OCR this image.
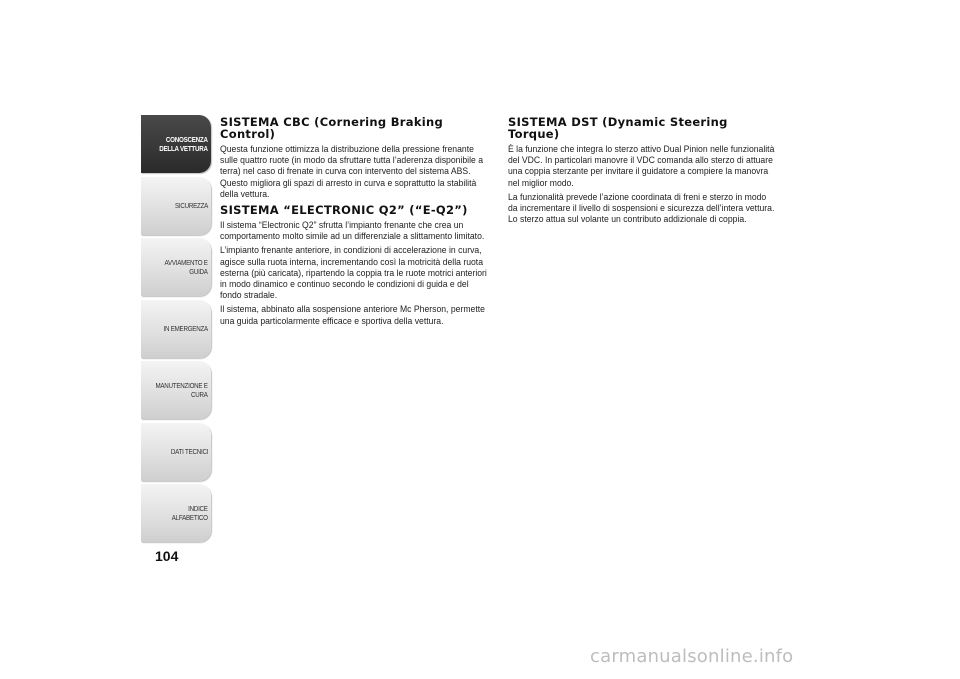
CONOSCENZA DELLA VETTURA
SICUREZZA
AVVIAMENTO E GUIDA
IN EMERGENZA
MANUTENZIONE E CURA
DATI TECNICI
INDICE ALFABETICO
104
SISTEMA CBC (Cornering Braking Control)

Questa funzione ottimizza la distribuzione della pressione frenante sulle quattro ruote (in modo da sfruttare tutta l’aderenza disponibile a terra) nel caso di frenate in curva con intervento del sistema ABS. Questo migliora gli spazi di arresto in curva e soprattutto la stabilità della vettura.

SISTEMA “ELECTRONIC Q2” (“E-Q2”)

Il sistema “Electronic Q2” sfrutta l’impianto frenante che crea un comportamento molto simile ad un differenziale a slittamento limitato.

L’impianto frenante anteriore, in condizioni di accelerazione in curva, agisce sulla ruota interna, incrementando così la motricità della ruota esterna (più caricata), ripartendo la coppia tra le ruote motrici anteriori in modo dinamico e continuo secondo le condizioni di guida e del fondo stradale.

Il sistema, abbinato alla sospensione anteriore Mc Pherson, permette una guida particolarmente efficace e sportiva della vettura.

SISTEMA DST (Dynamic Steering Torque)

È la funzione che integra lo sterzo attivo Dual Pinion nelle funzionalità del VDC. In particolari manovre il VDC comanda allo sterzo di attuare una coppia sterzante per invitare il guidatore a compiere la manovra nel miglior modo.

La funzionalità prevede l’azione coordinata di freni e sterzo in modo da incrementare il livello di sospensioni e sicurezza dell’intera vettura. Lo sterzo attua sul volante un contributo addizionale di coppia.

carmanualsonline.info
